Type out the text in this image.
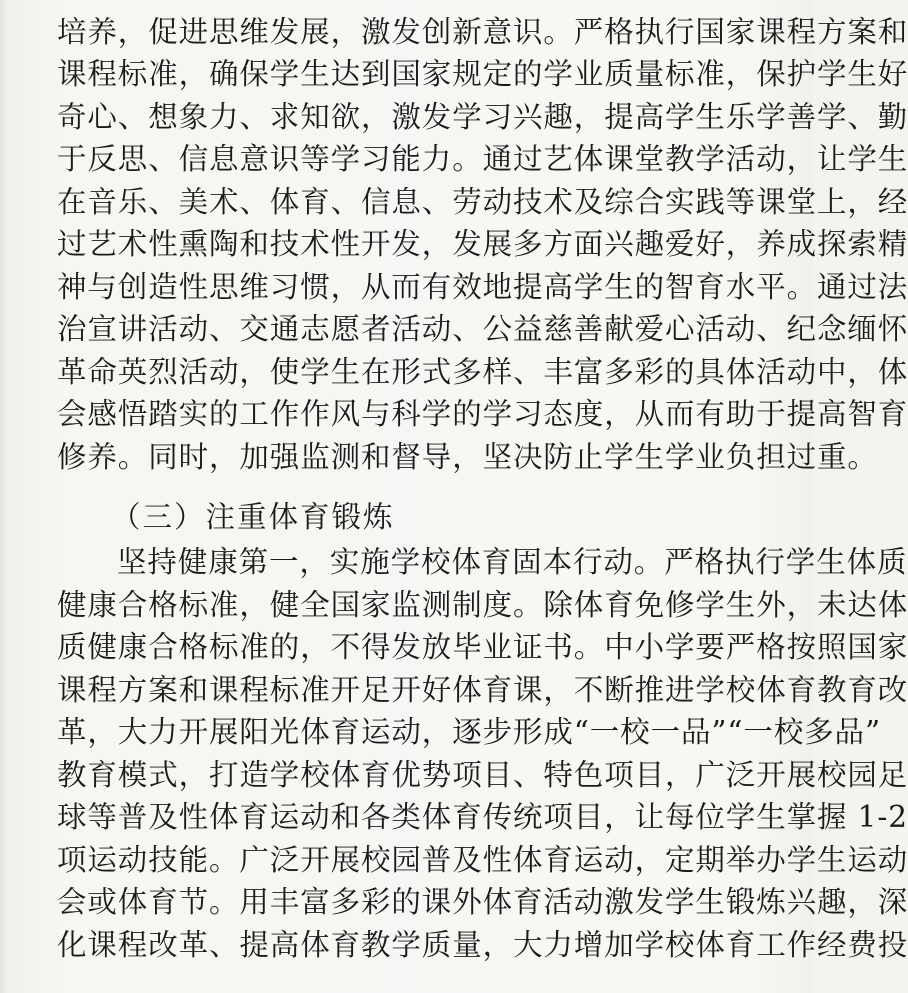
培养，促进思维发展，激发创新意识。严格执行国家课程方案和
课程标准，确保学生达到国家规定的学业质量标准，保护学生好
奇心、想象力、求知欲，激发学习兴趣，提高学生乐学善学、勤
于反思、信息意识等学习能力。通过艺体课堂教学活动，让学生
在音乐、美术、体育、信息、劳动技术及综合实践等课堂上，经
过艺术性熏陶和技术性开发，发展多方面兴趣爱好，养成探索精
神与创造性思维习惯，从而有效地提高学生的智育水平。通过法
治宣讲活动、交通志愿者活动、公益慈善献爱心活动、纪念缅怀
革命英烈活动，使学生在形式多样、丰富多彩的具体活动中，体
会感悟踏实的工作作风与科学的学习态度，从而有助于提高智育
修养。同时，加强监测和督导，坚决防止学生学业负担过重。
（三）注重体育锻炼
坚持健康第一，实施学校体育固本行动。严格执行学生体质
健康合格标准，健全国家监测制度。除体育免修学生外，未达体
质健康合格标准的，不得发放毕业证书。中小学要严格按照国家
课程方案和课程标准开足开好体育课，不断推进学校体育教育改
革，大力开展阳光体育运动，逐步形成“一校一品”“一校多品”
教育模式，打造学校体育优势项目、特色项目，广泛开展校园足
球等普及性体育运动和各类体育传统项目，让每位学生掌握 1-2
项运动技能。广泛开展校园普及性体育运动，定期举办学生运动
会或体育节。用丰富多彩的课外体育活动激发学生锻炼兴趣，深
化课程改革、提高体育教学质量，大力增加学校体育工作经费投
